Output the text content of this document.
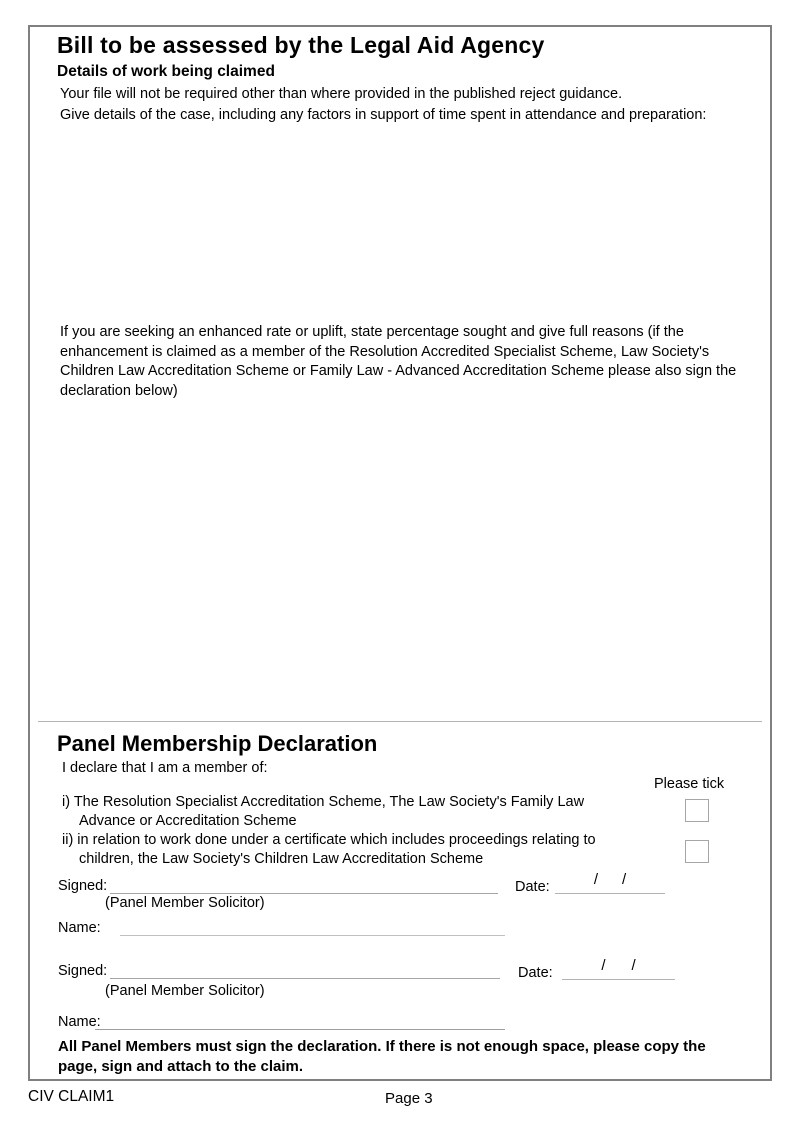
Bill to be assessed by the Legal Aid Agency
Details of work being claimed
Your file will not be required other than where provided in the published reject guidance.
Give details of the case, including any factors in support of time spent in attendance and preparation:
If you are seeking an enhanced rate or uplift, state percentage sought and give full reasons (if the enhancement is claimed as a member of the Resolution Accredited Specialist Scheme, Law Society's Children Law Accreditation Scheme or Family Law - Advanced Accreditation Scheme please also sign the declaration below)
Panel Membership Declaration
I declare that I am a member of:
Please tick
i) The Resolution Specialist Accreditation Scheme, The Law Society's Family Law
Advance or Accreditation Scheme
ii) in relation to work done under a certificate which includes proceedings relating to
children, the Law Society's Children Law Accreditation Scheme
Signed:	Date:	/ /
(Panel Member Solicitor)
Name:
Signed:	Date:	/ /
(Panel Member Solicitor)
Name:
All Panel Members must sign the declaration. If there is not enough space, please copy the page, sign and attach to the claim.
CIV CLAIM1	Page 3
